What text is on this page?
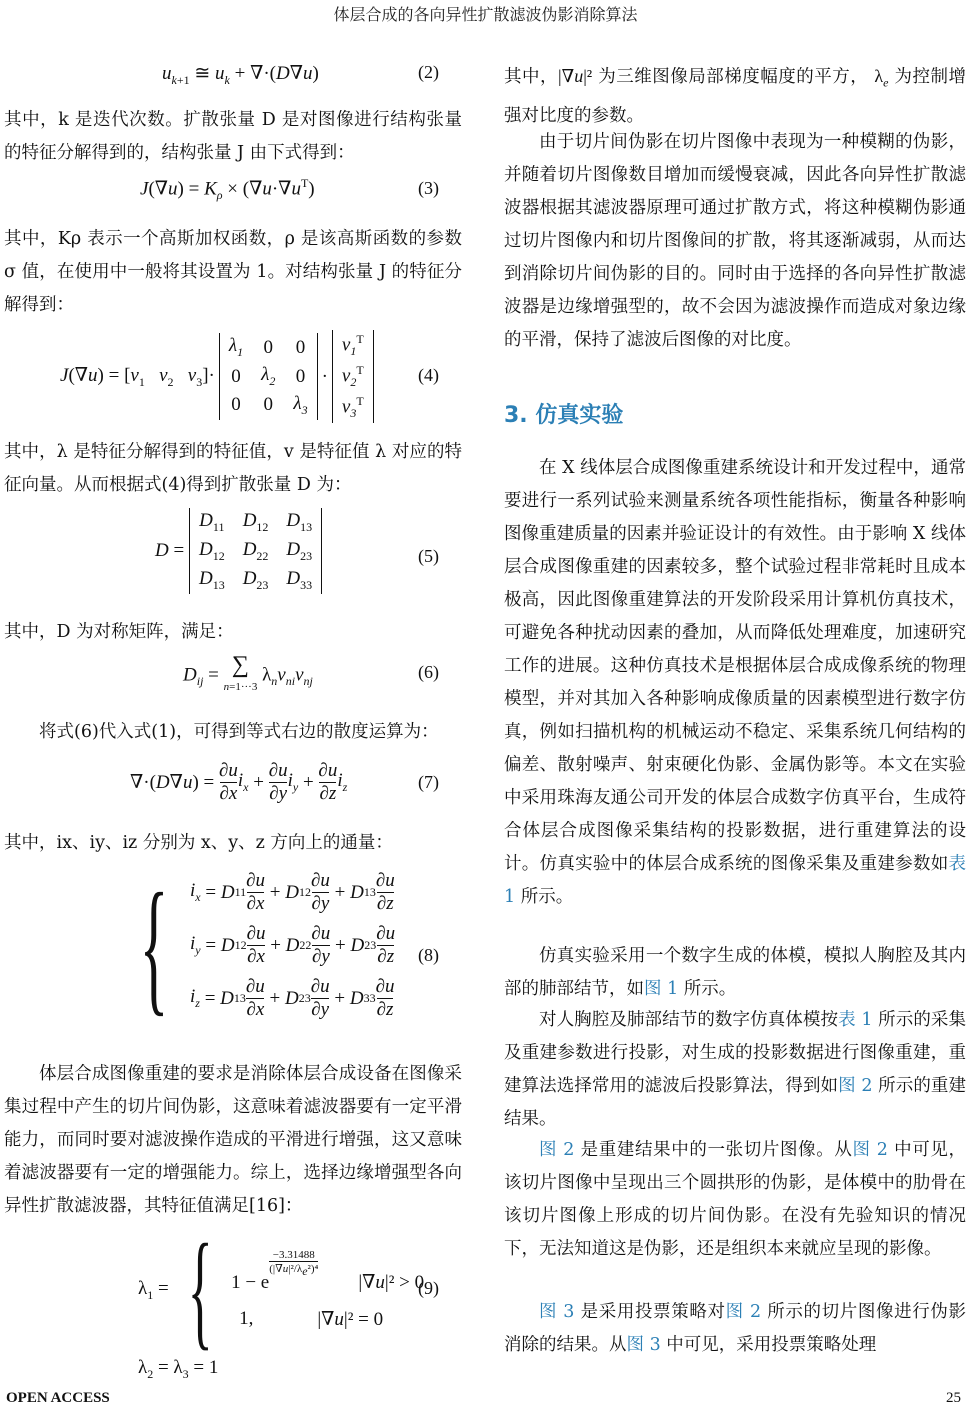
体层合成的各向异性扩散滤波伪影消除算法
$u_{k+1}$ ≅ $u_k + \nabla\cdot(D\nabla u)$	(2)
其中，k 是迭代次数。扩散张量 D 是对图像进行结构张量的特征分解得到的，结构张量 J 由下式得到：
$J(\nabla u) = K_\rho \times (\nabla u\cdot\nabla u^T)$	(3)
其中，Kρ 表示一个高斯加权函数，ρ 是该高斯函数的参数 σ 值，在使用中一般将其设置为 1。对结构张量 J 的特征分解得到：
$J(\nabla u) = [v_1$ $v_2$ $v_3]\cdot$
$\lambda_1$	0	0
0	$\lambda_2$	0
0	0	$\lambda_3$
·
$v_1^T$
$v_2^T$
$v_3^T$
(4)
其中，λ 是特征分解得到的特征值，v 是特征值 λ 对应的特征向量。从而根据式(4)得到扩散张量 D 为：
D =
$D_{11}$	$D_{12}$	$D_{13}$
$D_{12}$	$D_{22}$	$D_{23}$
$D_{13}$	$D_{23}$	$D_{33}$
(5)
其中，D 为对称矩阵，满足：
$D_{ij}$ = ∑
n=1···3 $\lambda_nv_{ni}v_{nj}$	(6)
将式(6)代入式(1)，可得到等式右边的散度运算为：
$\nabla\cdot(D\nabla u) = \frac{\partial u}{\partial x} i_x$ +
∂u
∂y
$i_y$ +
∂u
∂z
$i_z$	(7)
其中，ix、iy、iz 分别为 x、y、z 方向上的通量：
{ $i_x = D$ 11
∂u
∂x
+ D 12
∂u
∂y
+ D 13
∂u
∂z
$i_y = D$ 12
∂u
∂x
+ D 22
∂u
∂y
+ D 23
∂u
∂z
$i_z = D$ 13
∂u
∂x
+ D 23
∂u
∂y
+ D 33
∂u
∂z
(8)
体层合成图像重建的要求是消除体层合成设备在图像采集过程中产生的切片间伪影，这意味着滤波器要有一定平滑能力，而同时要对滤波操作造成的平滑进行增强，这又意味着滤波器要有一定的增强能力。综上，选择边缘增强型各向异性扩散滤波器，其特征值满足[16]：
$\lambda_1$ = { 1 − e
−3.31488
$(|\nabla u|^2/\lambda_e^2)^4$
|∇u|² > 0
1,	|∇u|² = 0
$\lambda_2 = \lambda_3 = 1$
(9)
其中，|∇u|² 为三维图像局部梯度幅度的平方， $\lambda_e$ 为控制增强对比度的参数。
由于切片间伪影在切片图像中表现为一种模糊的伪影，并随着切片图像数目增加而缓慢衰减，因此各向异性扩散滤波器根据其滤波器原理可通过扩散方式，将这种模糊伪影通过切片图像内和切片图像间的扩散，将其逐渐减弱，从而达到消除切片间伪影的目的。同时由于选择的各向异性扩散滤波器是边缘增强型的，故不会因为滤波操作而造成对象边缘的平滑，保持了滤波后图像的对比度。
3. 仿真实验
在 X 线体层合成图像重建系统设计和开发过程中，通常要进行一系列试验来测量系统各项性能指标，衡量各种影响图像重建质量的因素并验证设计的有效性。由于影响 X 线体层合成图像重建的因素较多，整个试验过程非常耗时且成本极高，因此图像重建算法的开发阶段采用计算机仿真技术，可避免各种扰动因素的叠加，从而降低处理难度，加速研究工作的进展。这种仿真技术是根据体层合成成像系统的物理模型，并对其加入各种影响成像质量的因素模型进行数字仿真，例如扫描机构的机械运动不稳定、采集系统几何结构的偏差、散射噪声、射束硬化伪影、金属伪影等。本文在实验中采用珠海友通公司开发的体层合成数字仿真平台，生成符合体层合成图像采集结构的投影数据，进行重建算法的设计。仿真实验中的体层合成系统的图像采集及重建参数如表 1 所示。
仿真实验采用一个数字生成的体模，模拟人胸腔及其内部的肺部结节，如图 1 所示。
对人胸腔及肺部结节的数字仿真体模按表 1 所示的采集及重建参数进行投影，对生成的投影数据进行图像重建，重建算法选择常用的滤波后投影算法，得到如图 2 所示的重建结果。
图 2 是重建结果中的一张切片图像。从图 2 中可见，该切片图像中呈现出三个圆拱形的伪影，是体模中的肋骨在该切片图像上形成的切片间伪影。在没有先验知识的情况下，无法知道这是伪影，还是组织本来就应呈现的影像。
图 3 是采用投票策略对图 2 所示的切片图像进行伪影消除的结果。从图 3 中可见，采用投票策略处理
OPEN ACCESS	25
